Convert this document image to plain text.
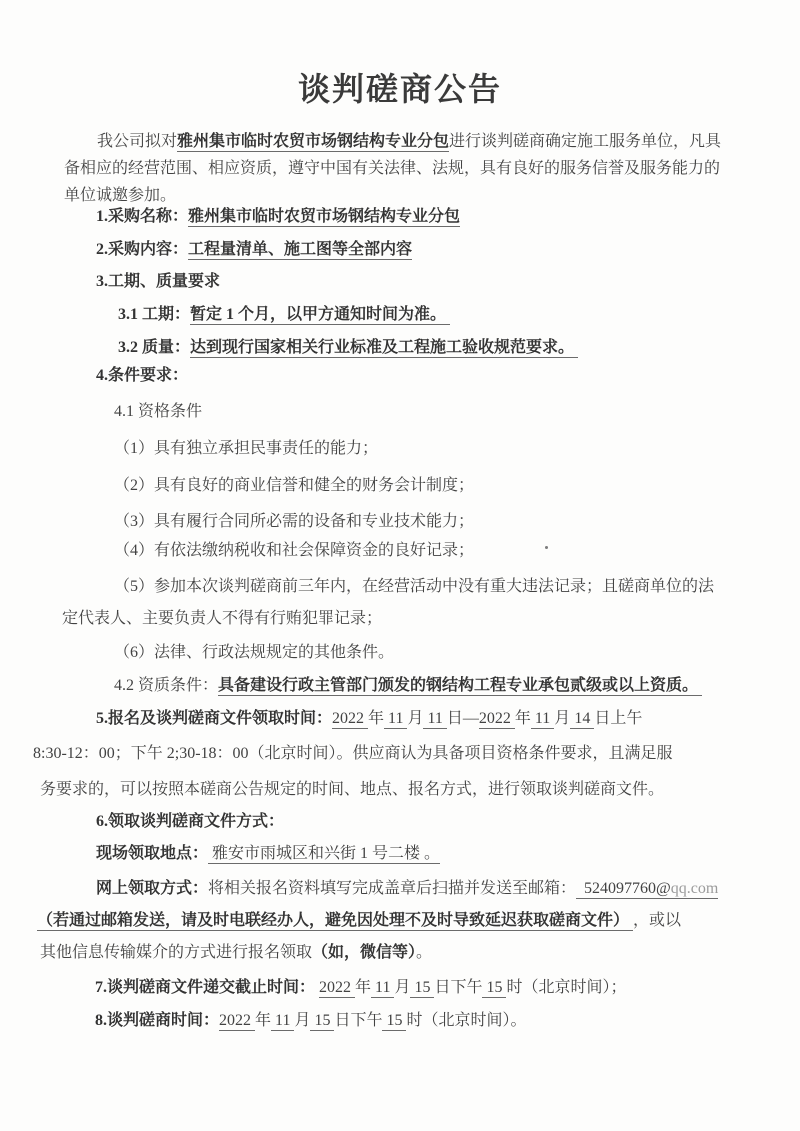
谈判磋商公告
我公司拟对雅州集市临时农贸市场钢结构专业分包进行谈判磋商确定施工服务单位，凡具
备相应的经营范围、相应资质，遵守中国有关法律、法规，具有良好的服务信誉及服务能力的
单位诚邀参加。
1.采购名称：雅州集市临时农贸市场钢结构专业分包
2.采购内容：工程量清单、施工图等全部内容
3.工期、质量要求
3.1 工期：暂定 1 个月，以甲方通知时间为准。
3.2 质量：达到现行国家相关行业标准及工程施工验收规范要求。
4.条件要求：
4.1 资格条件
（1）具有独立承担民事责任的能力；
（2）具有良好的商业信誉和健全的财务会计制度；
（3）具有履行合同所必需的设备和专业技术能力；
（4）有依法缴纳税收和社会保障资金的良好记录；
（5）参加本次谈判磋商前三年内，在经营活动中没有重大违法记录；且磋商单位的法
定代表人、主要负责人不得有行贿犯罪记录；
（6）法律、行政法规规定的其他条件。
4.2 资质条件：具备建设行政主管部门颁发的钢结构工程专业承包贰级或以上资质。
5.报名及谈判磋商文件领取时间：2022 年 11 月 11 日—2022 年 11 月 14 日上午
8:30-12：00；下午 2;30-18：00（北京时间）。供应商认为具备项目资格条件要求，且满足服
务要求的，可以按照本磋商公告规定的时间、地点、报名方式，进行领取谈判磋商文件。
6.领取谈判磋商文件方式：
现场领取地点： 雅安市雨城区和兴街 1 号二楼 。
网上领取方式：将相关报名资料填写完成盖章后扫描并发送至邮箱：  524097760@qq.com
（若通过邮箱发送，请及时电联经办人，避免因处理不及时导致延迟获取磋商文件） ，或以
其他信息传输媒介的方式进行报名领取（如，微信等）。
7.谈判磋商文件递交截止时间： 2022 年 11 月 15 日下午 15 时（北京时间）；
8.谈判磋商时间：2022 年 11 月 15 日下午 15 时（北京时间）。
